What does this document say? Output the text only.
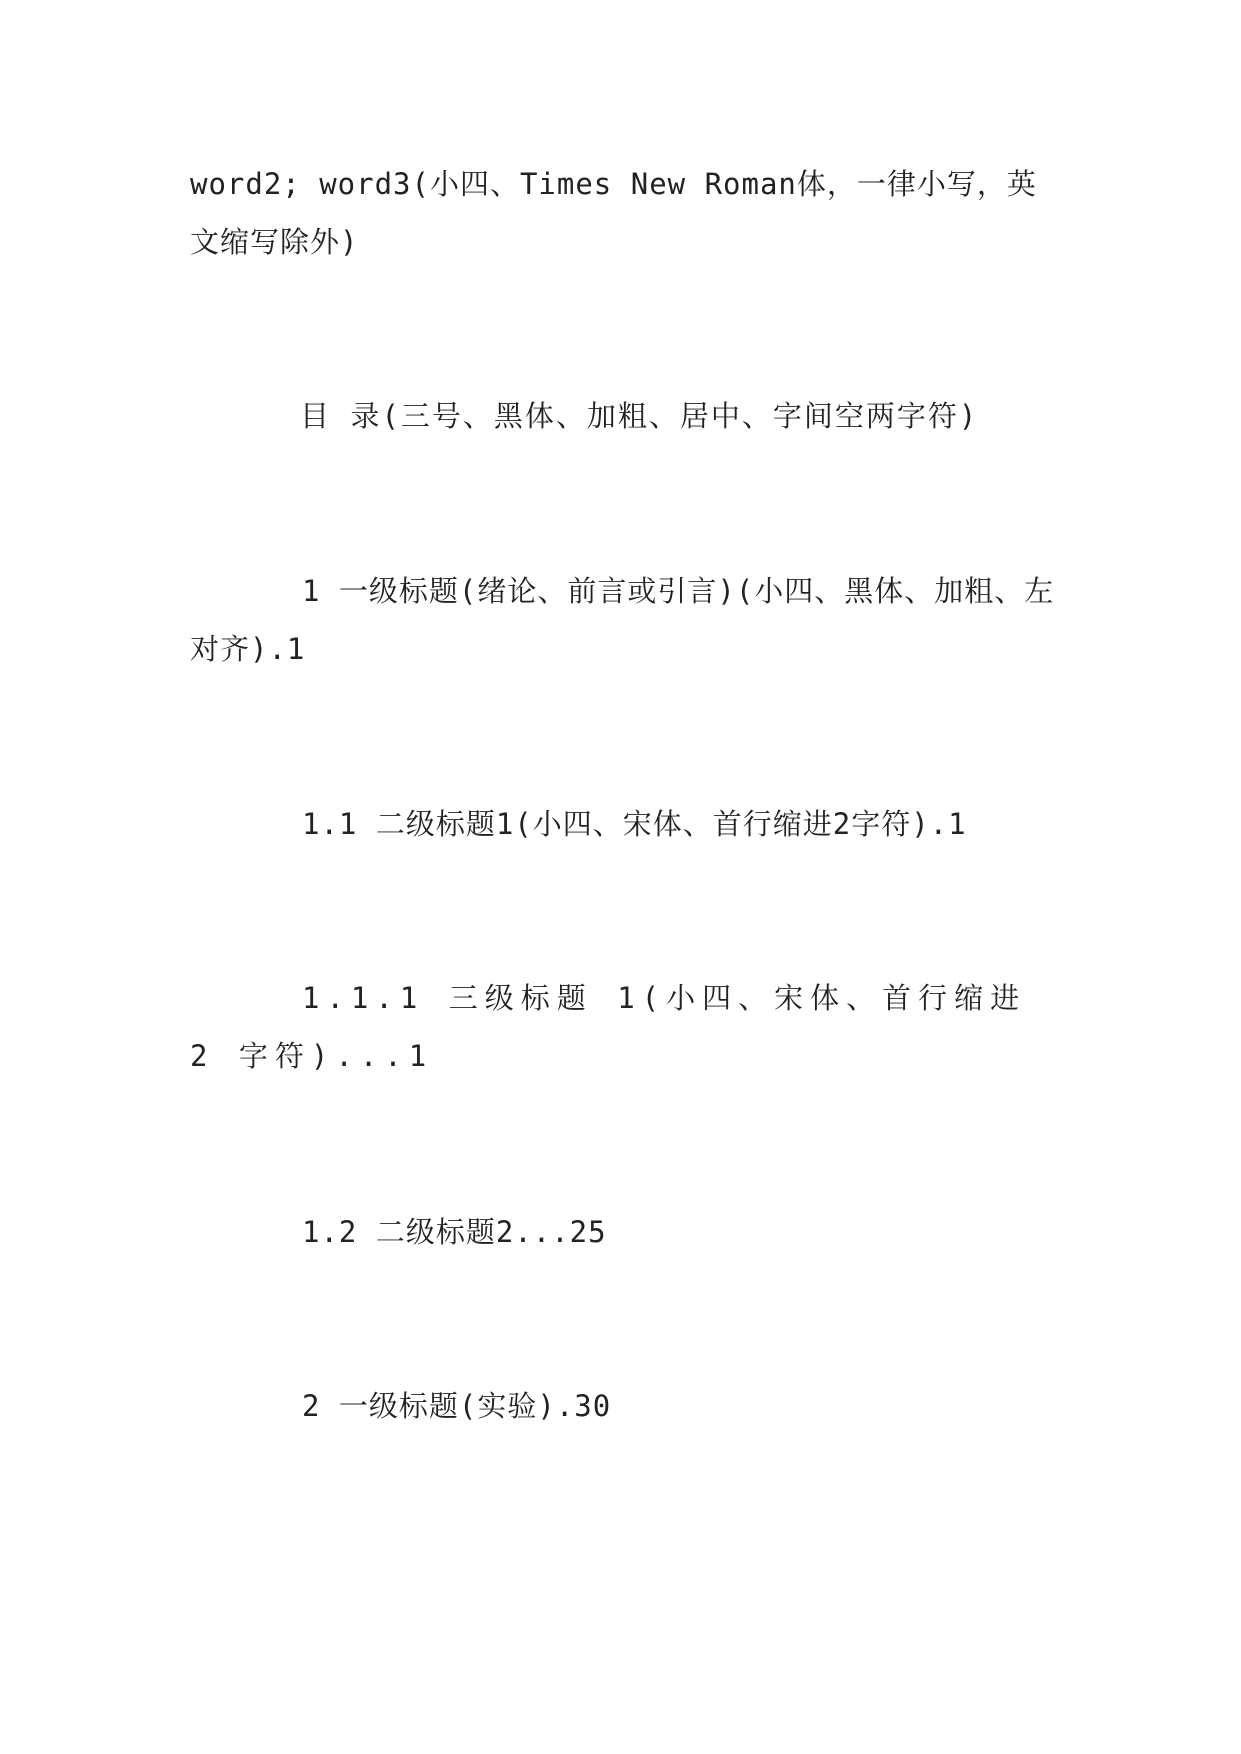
word2; word3(小四、Times New Roman体，一律小写，英文缩写除外)
目 录(三号、黑体、加粗、居中、字间空两字符)
1 一级标题(绪论、前言或引言)(小四、黑体、加粗、左对齐).1
1.1 二级标题1(小四、宋体、首行缩进2字符).1
1.1.1 三级标题 1(小四、宋体、首行缩进 2 字符)...1
1.2 二级标题2...25
2 一级标题(实验).30
